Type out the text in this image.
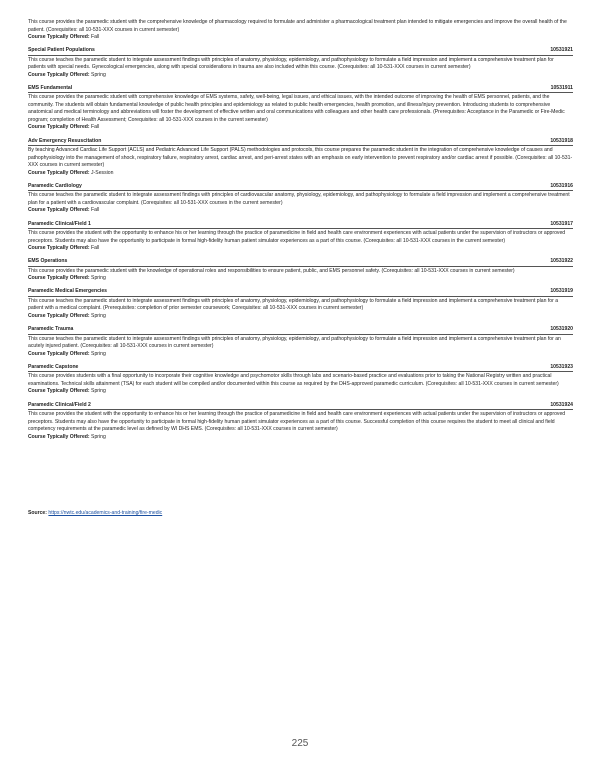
This course provides the paramedic student with the comprehensive knowledge of pharmacology required to formulate and administer a pharmacological treatment plan intended to mitigate emergencies and improve the overall health of the patient. (Corequisites: all 10-531-XXX courses in current semester)

Course Typically Offered: Fall

Special Patient Populations	10531921

This course teaches the paramedic student to integrate assessment findings with principles of anatomy, physiology, epidemiology, and pathophysiology to formulate a field impression and implement a comprehensive treatment plan for patients with special needs. Gynecological emergencies, along with special considerations in trauma are also included within this course. (Corequisites: all 10-531-XXX courses in current semester)

Course Typically Offered: Spring

EMS Fundamental	10531911

This course provides the paramedic student with comprehensive knowledge of EMS systems, safety, well-being, legal issues, and ethical issues, with the intended outcome of improving the health of EMS personnel, patients, and the community. The students will obtain fundamental knowledge of public health principles and epidemiology as related to public health emergencies, health promotion, and illness/injury prevention. Introducing students to comprehensive anatomical and medical terminology and abbreviations will foster the development of effective written and oral communications with colleagues and other health care professionals. (Prerequisites: Acceptance in the Paramedic or Fire-Medic program; completion of Health Assessment; Corequisites: all 10-531-XXX courses in the current semester)

Course Typically Offered: Fall

Adv Emergency Resuscitation	10531918

By teaching Advanced Cardiac Life Support (ACLS) and Pediatric Advanced Life Support (PALS) methodologies and protocols, this course prepares the paramedic student in the integration of comprehensive knowledge of causes and pathophysiology into the management of shock, respiratory failure, respiratory arrest, cardiac arrest, and peri-arrest states with an emphasis on early intervention to prevent respiratory and/or cardiac arrest if possible. (Corequisites: all 10-531-XXX courses in current semester)

Course Typically Offered: J-Session

Paramedic Cardiology	10531916

This course teaches the paramedic student to integrate assessment findings with principles of cardiovascular anatomy, physiology, epidemiology, and pathophysiology to formulate a field impression and implement a comprehensive treatment plan for a patient with a cardiovascular complaint. (Corequisites: all 10-531-XXX courses in the current semester)

Course Typically Offered: Fall

Paramedic Clinical/Field 1	10531917

This course provides the student with the opportunity to enhance his or her learning through the practice of paramedicine in field and health care environment experiences with actual patients under the supervision of instructors or approved preceptors. Students may also have the opportunity to participate in formal high-fidelity human patient simulator experiences as a part of this course. (Corequisites: all 10-531-XXX courses in the current semester)

Course Typically Offered: Fall

EMS Operations	10531922

This course provides the paramedic student with the knowledge of operational roles and responsibilities to ensure patient, public, and EMS personnel safety. (Corequisites: all 10-531-XXX courses in current semester)

Course Typically Offered: Spring

Paramedic Medical Emergencies	10531919

This course teaches the paramedic student to integrate assessment findings with principles of anatomy, physiology, epidemiology, and pathophysiology to formulate a field impression and implement a comprehensive treatment plan for a patient with a medical complaint. (Prerequisites: completion of prior semester coursework; Corequisites: all 10-531-XXX courses in current semester)

Course Typically Offered: Spring

Paramedic Trauma	10531920

This course teaches the paramedic student to integrate assessment findings with principles of anatomy, physiology, epidemiology, and pathophysiology to formulate a field impression and implement a comprehensive treatment plan for an acutely injured patient. (Corequisites: all 10-531-XXX courses in current semester)

Course Typically Offered: Spring

Paramedic Capstone	10531923

This course provides students with a final opportunity to incorporate their cognitive knowledge and psychomotor skills through labs and scenario-based practice and evaluations prior to taking the National Registry written and practical examinations. Technical skills attainment (TSA) for each student will be compiled and/or documented within this course as required by the DHS-approved paramedic curriculum. (Corequisites: all 10-531-XXX courses in current semester)

Course Typically Offered: Spring

Paramedic Clinical/Field 2	10531924

This course provides the student with the opportunity to enhance his or her learning through the practice of paramedicine in field and health care environment experiences with actual patients under the supervision of instructors or approved preceptors. Students may also have the opportunity to participate in formal high-fidelity human patient simulator experiences as a part of this course. Successful completion of this course requires the student to meet all clinical and field competency requirements at the paramedic level as defined by WI DHS EMS. (Corequisites: all 10-531-XXX courses in current semester)

Course Typically Offered: Spring

Source: https://nwtc.edu/academics-and-training/fire-medic
225
